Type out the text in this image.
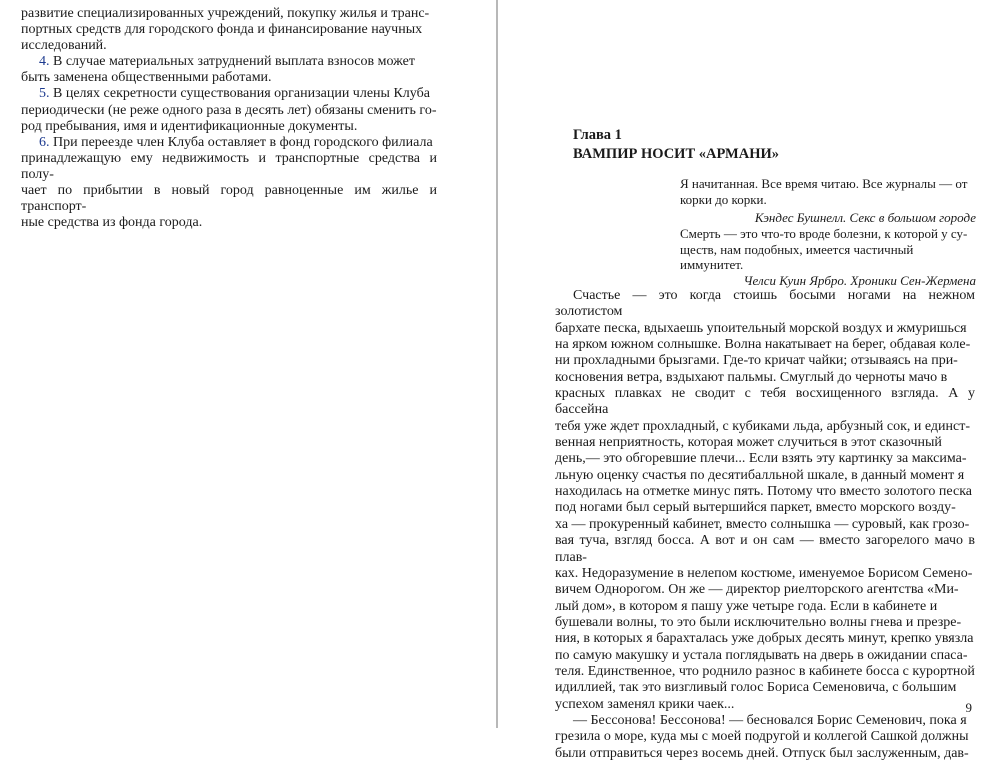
развитие специализированных учреждений, покупку жилья и транс-
портных средств для городского фонда и финансирование научных
исследований.

4. В случае материальных затруднений выплата взносов может
быть заменена общественными работами.

5. В целях секретности существования организации члены Клуба
периодически (не реже одного раза в десять лет) обязаны сменить го-
род пребывания, имя и идентификационные документы.

6. При переезде член Клуба оставляет в фонд городского филиала
принадлежащую ему недвижимость и транспортные средства и полу-
чает по прибытии в новый город равноценные им жилье и транспорт-
ные средства из фонда города.

Глава 1

ВАМПИР НОСИТ «АРМАНИ»

Я начитанная. Все время читаю. Все журналы — от
корки до корки.

Кэндес Бушнелл. Секс в большом городе

Смерть — это что-то вроде болезни, к которой у су-
ществ, нам подобных, имеется частичный иммунитет.

Челси Куин Ярбро. Хроники Сен-Жермена

Счастье — это когда стоишь босыми ногами на нежном золотистом
бархате песка, вдыхаешь упоительный морской воздух и жмуришься
на ярком южном солнышке. Волна накатывает на берег, обдавая коле-
ни прохладными брызгами. Где-то кричат чайки; отзываясь на при-
косновения ветра, вздыхают пальмы. Смуглый до черноты мачо в
красных плавках не сводит с тебя восхищенного взгляда. А у бассейна
тебя уже ждет прохладный, с кубиками льда, арбузный сок, и единст-
венная неприятность, которая может случиться в этот сказочный
день,— это обгоревшие плечи... Если взять эту картинку за максима-
льную оценку счастья по десятибалльной шкале, в данный момент я
находилась на отметке минус пять. Потому что вместо золотого песка
под ногами был серый вытершийся паркет, вместо морского возду-
ха — прокуренный кабинет, вместо солнышка — суровый, как грозо-
вая туча, взгляд босса. А вот и он сам — вместо загорелого мачо в плав-
ках. Недоразумение в нелепом костюме, именуемое Борисом Семено-
вичем Однорогом. Он же — директор риелторского агентства «Ми-
лый дом», в котором я пашу уже четыре года. Если в кабинете и
бушевали волны, то это были исключительно волны гнева и презре-
ния, в которых я барахталась уже добрых десять минут, крепко увязла
по самую макушку и устала поглядывать на дверь в ожидании спаса-
теля. Единственное, что роднило разнос в кабинете босса с курортной
идиллией, так это визгливый голос Бориса Семеновича, с большим
успехом заменял крики чаек...

— Бессонова! Бессонова! — бесновался Борис Семенович, пока я
грезила о море, куда мы с моей подругой и коллегой Сашкой должны
были отправиться через восемь дней. Отпуск был заслуженным, дав-

9
